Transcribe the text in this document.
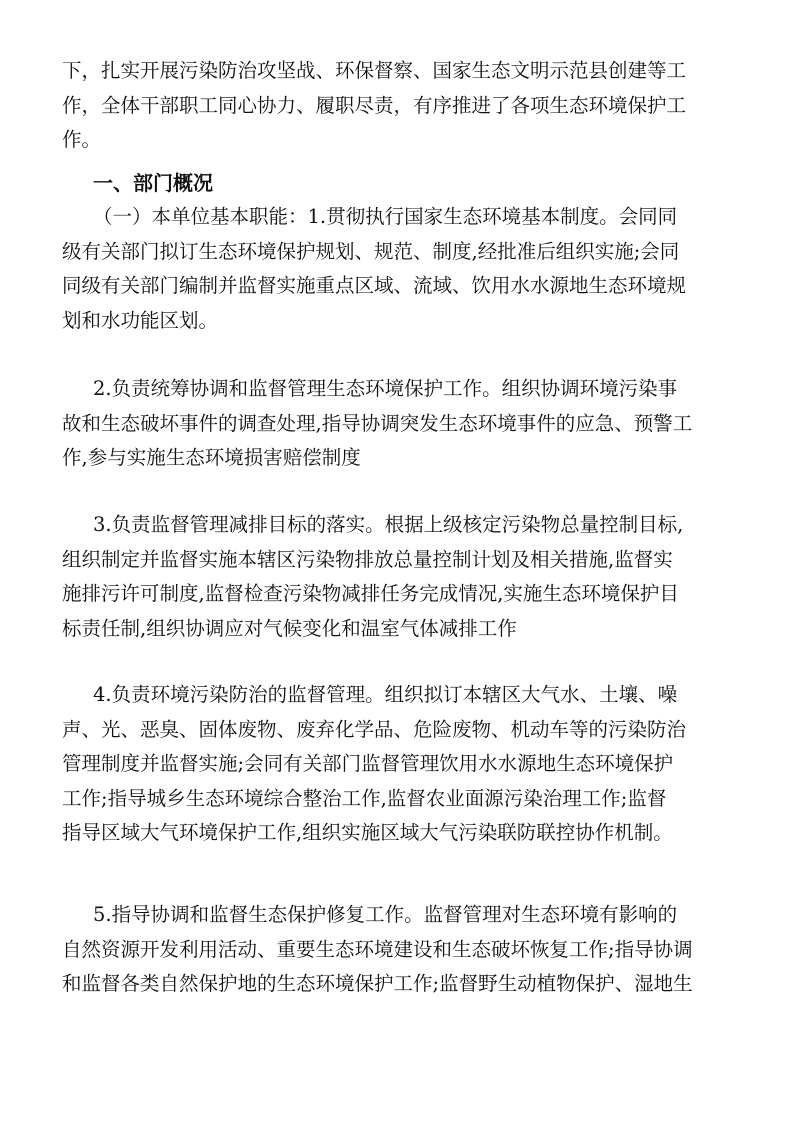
下，扎实开展污染防治攻坚战、环保督察、国家生态文明示范县创建等工
作，全体干部职工同心协力、履职尽责，有序推进了各项生态环境保护工
作。
一、部门概况
（一）本单位基本职能：1.贯彻执行国家生态环境基本制度。会同同
级有关部门拟订生态环境保护规划、规范、制度,经批准后组织实施;会同
同级有关部门编制并监督实施重点区域、流域、饮用水水源地生态环境规
划和水功能区划。
2.负责统筹协调和监督管理生态环境保护工作。组织协调环境污染事
故和生态破坏事件的调查处理,指导协调突发生态环境事件的应急、预警工
作,参与实施生态环境损害赔偿制度
3.负责监督管理减排目标的落实。根据上级核定污染物总量控制目标,
组织制定并监督实施本辖区污染物排放总量控制计划及相关措施,监督实
施排污许可制度,监督检查污染物减排任务完成情况,实施生态环境保护目
标责任制,组织协调应对气候变化和温室气体减排工作
4.负责环境污染防治的监督管理。组织拟订本辖区大气水、土壤、噪
声、光、恶臭、固体废物、废弃化学品、危险废物、机动车等的污染防治
管理制度并监督实施;会同有关部门监督管理饮用水水源地生态环境保护
工作;指导城乡生态环境综合整治工作,监督农业面源污染治理工作;监督
指导区域大气环境保护工作,组织实施区域大气污染联防联控协作机制。
5.指导协调和监督生态保护修复工作。监督管理对生态环境有影响的
自然资源开发利用活动、重要生态环境建设和生态破坏恢复工作;指导协调
和监督各类自然保护地的生态环境保护工作;监督野生动植物保护、湿地生
